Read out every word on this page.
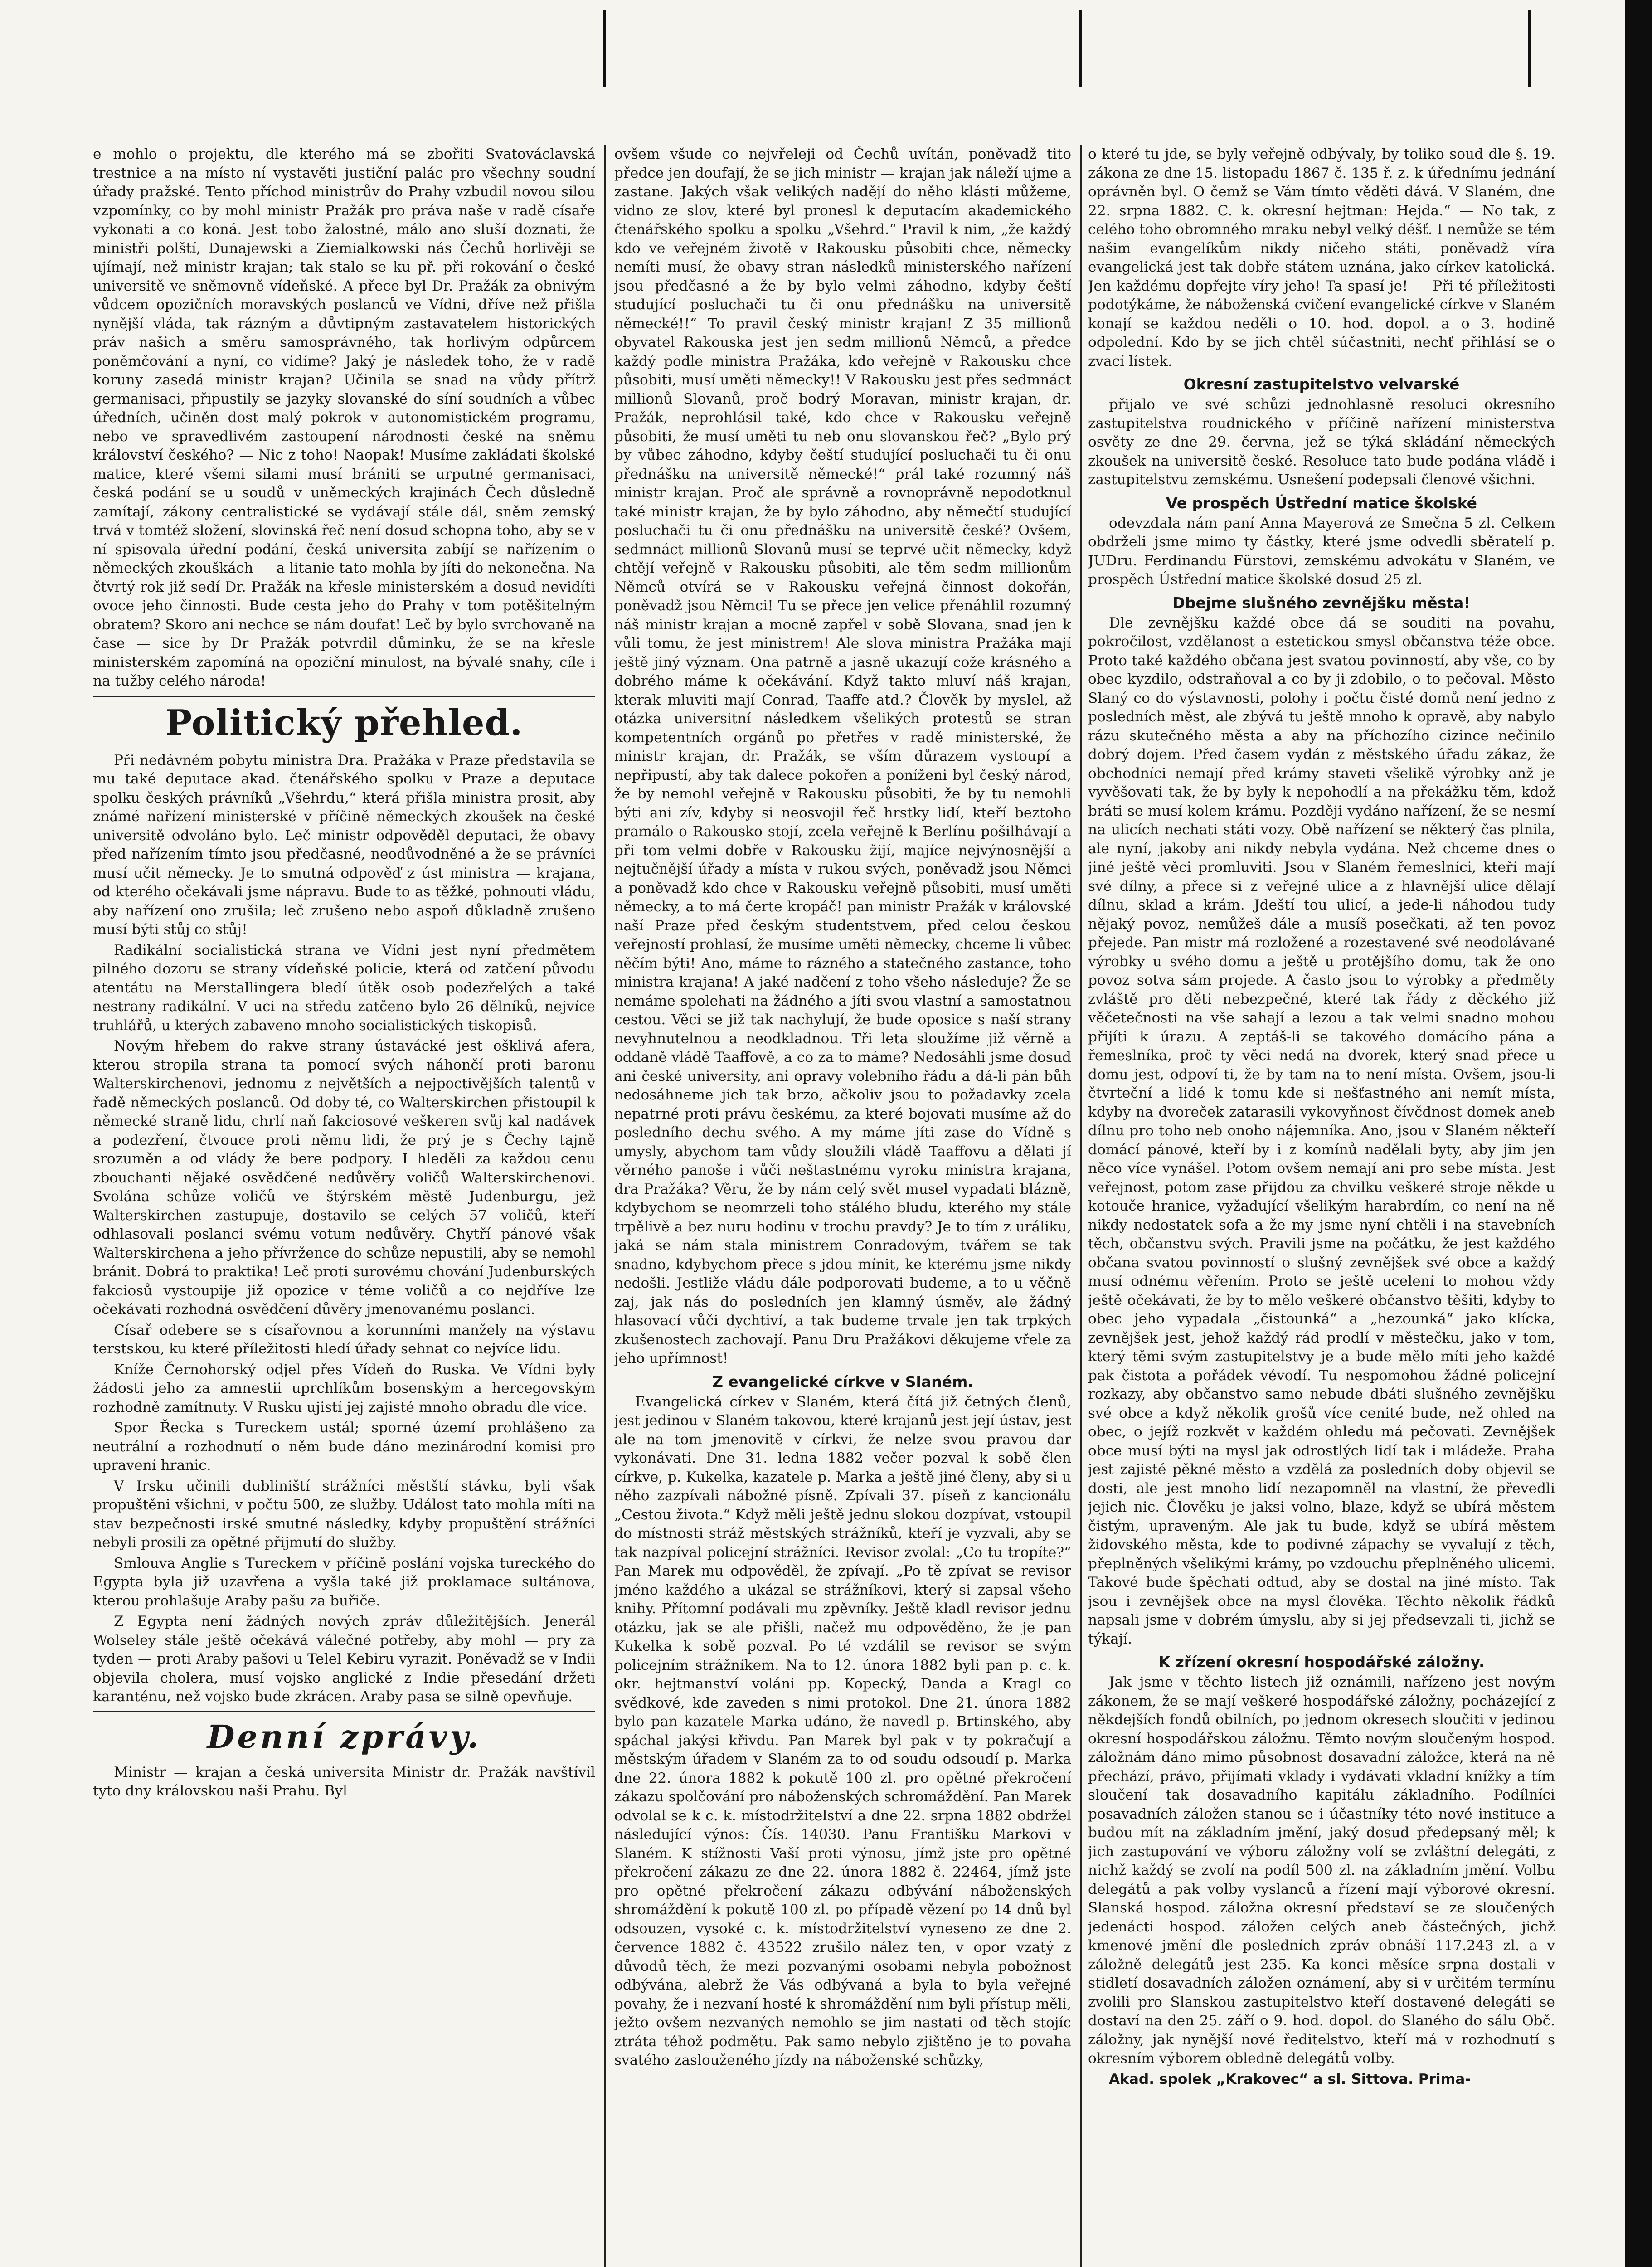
e mohlo o projektu, dle kterého má se zbořiti Svatováclavská trestnice a na místo ní vystavěti justiční palác pro všechny soudní úřady pražské. Tento příchod ministrův do Prahy vzbudil novou silou vzpomínky, co by mohl ministr Pražák pro práva naše v radě císaře vykonati a co koná. Jest tobo žalostné, málo ano sluší doznati, že ministři polští, Dunajewski a Ziemialkowski nás Čechů horlivěji se ujímají, než ministr krajan; tak stalo se ku př. při rokování o české universitě ve sněmovně vídeňské. A přece byl Dr. Pražák za obnivým vůdcem opozičních moravských poslanců ve Vídni, dříve než přišla nynější vláda, tak rázným a důvtipným zastavatelem historických práv našich a směru samosprávného, tak horlivým odpůrcem poněmčování a nyní, co vidíme? Jaký je následek toho, že v radě koruny zasedá ministr krajan? Učinila se snad na vůdy přítrž germanisaci, připustily se jazyky slovanské do síní soudních a vůbec úředních, učiněn dost malý pokrok v autonomistickém programu, nebo ve spravedlivém zastoupení národnosti české na sněmu království českého? — Nic z toho! Naopak! Musíme zakládati školské matice, které všemi silami musí brániti se urputné germanisaci, česká podání se u soudů v uněmeckých krajinách Čech důsledně zamítají, zákony centralistické se vydávají stále dál, sněm zemský trvá v tomtéž složení, slovinská řeč není dosud schopna toho, aby se v ní spisovala úřední podání, česká universita zabíjí se nařízením o německých zkouškách — a litanie tato mohla by jíti do nekonečna. Na čtvrtý rok již sedí Dr. Pražák na křesle ministerském a dosud nevidíti ovoce jeho činnosti. Bude cesta jeho do Prahy v tom potěšitelným obratem? Skoro ani nechce se nám doufat! Leč by bylo svrchovaně na čase — sice by Dr Pražák potvrdil důminku, že se na křesle ministerském zapomíná na opoziční minulost, na bývalé snahy, cíle i na tužby celého národa!

Politický přehled.

Při nedávném pobytu ministra Dra. Pražáka v Praze představila se mu také deputace akad. čtenářského spolku v Praze a deputace spolku českých právníků „Všehrdu,“ která přišla ministra prosit, aby známé nařízení ministerské v příčině německých zkoušek na české universitě odvoláno bylo. Leč ministr odpověděl deputaci, že obavy před nařízením tímto jsou předčasné, neodůvodněné a že se právníci musí učit německy. Je to smutná odpověď z úst ministra — krajana, od kterého očekávali jsme nápravu. Bude to as těžké, pohnouti vládu, aby nařízení ono zrušila; leč zrušeno nebo aspoň důkladně zrušeno musí býti stůj co stůj!

Radikální socialistická strana ve Vídni jest nyní předmětem pilného dozoru se strany vídeňské policie, která od zatčení původu atentátu na Merstallingera bledí útěk osob podezřelých a také nestrany radikální. V uci na středu zatčeno bylo 26 dělníků, nejvíce truhlářů, u kterých zabaveno mnoho socialistických tiskopisů.

Novým hřebem do rakve strany ústavácké jest ošklivá afera, kterou stropila strana ta pomocí svých náhončí proti baronu Walterskirchenovi, jednomu z největších a nejpoctivějších talentů v řadě německých poslanců. Od doby té, co Walterskirchen přistoupil k německé straně lidu, chrlí naň fakciosové veškeren svůj kal nadávek a podezření, čtvouce proti němu lidi, že prý je s Čechy tajně srozuměn a od vlády že bere podpory. I hleděli za každou cenu zbouchanti nějaké osvědčené nedůvěry voličů Walterskirchenovi. Svolána schůze voličů ve štýrském městě Judenburgu, jež Walterskirchen zastupuje, dostavilo se celých 57 voličů, kteří odhlasovali poslanci svému votum nedůvěry. Chytří pánové však Walterskirchena a jeho přívržence do schůze nepustili, aby se nemohl bránit. Dobrá to praktika! Leč proti surovému chování Judenburských fakciosů vystoupije již opozice v téme voličů a co nejdříve lze očekávati rozhodná osvědčení důvěry jmenovanému poslanci.

Císař odebere se s císařovnou a korunními manžely na výstavu terstskou, ku které příležitosti hledí úřady sehnat co nejvíce lidu.

Kníže Černohorský odjel přes Vídeň do Ruska. Ve Vídni byly žádosti jeho za amnestii uprchlíkům bosenským a hercegovským rozhodně zamítnuty. V Rusku ujistí jej zajisté mnoho obradu dle více.

Spor Řecka s Tureckem ustál; sporné území prohlášeno za neutrální a rozhodnutí o něm bude dáno mezinárodní komisi pro upravení hranic.

V Irsku učinili dubliniští strážníci městští stávku, byli však propuštěni všichni, v počtu 500, ze služby. Událost tato mohla míti na stav bezpečnosti irské smutné následky, kdyby propuštění strážníci nebyli prosili za opětné přijmutí do služby.

Smlouva Anglie s Tureckem v příčině poslání vojska tureckého do Egypta byla již uzavřena a vyšla také již proklamace sultánova, kterou prohlašuje Araby pašu za buřiče.

Z Egypta není žádných nových zpráv důležitějších. Jenerál Wolseley stále ještě očekává válečné potřeby, aby mohl — pry za tyden — proti Araby pašovi u Telel Kebiru vyrazit. Poněvadž se v Indii objevila cholera, musí vojsko anglické z Indie přesedání držeti karanténu, než vojsko bude zkrácen. Araby pasa se silně opevňuje.

Denní zprávy.

Ministr — krajan a česká universita Ministr dr. Pražák navštívil tyto dny královskou naši Prahu. Byl

ovšem všude co nejvřeleji od Čechů uvítán, poněvadž tito předce jen doufají, že se jich ministr — krajan jak náleží ujme a zastane. Jakých však velikých nadějí do něho klásti můžeme, vidno ze slov, které byl pronesl k deputacím akademického čtenářského spolku a spolku „Všehrd.“ Pravil k nim, „že každý kdo ve veřejném životě v Rakousku působiti chce, německy nemíti musí, že obavy stran následků ministerského nařízení jsou předčasné a že by bylo velmi záhodno, kdyby čeští studující posluchači tu či onu přednášku na universitě německé!!“ To pravil český ministr krajan! Z 35 millionů obyvatel Rakouska jest jen sedm millionů Němců, a předce každý podle ministra Pražáka, kdo veřejně v Rakousku chce působiti, musí uměti německy!! V Rakousku jest přes sedmnáct millionů Slovanů, proč bodrý Moravan, ministr krajan, dr. Pražák, neprohlásil také, kdo chce v Rakousku veřejně působiti, že musí uměti tu neb onu slovanskou řeč? „Bylo prý by vůbec záhodno, kdyby čeští studující posluchači tu či onu přednášku na universitě německé!“ prál také rozumný náš ministr krajan. Proč ale správně a rovnoprávně nepodotknul také ministr krajan, že by bylo záhodno, aby němečtí studující posluchači tu či onu přednášku na universitě české? Ovšem, sedmnáct millionů Slovanů musí se teprvé učit německy, když chtějí veřejně v Rakousku působiti, ale těm sedm millionům Němců otvírá se v Rakousku veřejná činnost dokořán, poněvadž jsou Němci! Tu se přece jen velice přenáhlil rozumný náš ministr krajan a mocně zapřel v sobě Slovana, snad jen k vůli tomu, že jest ministrem! Ale slova ministra Pražáka mají ještě jiný význam. Ona patrně a jasně ukazují cože krásného a dobrého máme k očekávání. Když takto mluví náš krajan, kterak mluviti mají Conrad, Taaffe atd.? Člověk by myslel, až otázka universitní následkem všelikých protestů se stran kompetentních orgánů po přetřes v radě ministerské, že ministr krajan, dr. Pražák, se vším důrazem vystoupí a nepřipustí, aby tak dalece pokořen a poníženi byl český národ, že by nemohl veřejně v Rakousku působiti, že by tu nemohli býti ani zív, kdyby si neosvojil řeč hrstky lidí, kteří beztoho pramálo o Rakousko stojí, zcela veřejně k Berlínu pošilhávají a při tom velmi dobře v Rakousku žijí, majíce nejvýnosnější a nejtučnější úřady a místa v rukou svých, poněvadž jsou Němci a poněvadž kdo chce v Rakousku veřejně působiti, musí uměti německy, a to má čerte kropáč! pan ministr Pražák v královské naší Praze před českým studentstvem, před celou českou veřejností prohlasí, že musíme uměti německy, chceme li vůbec něčím býti! Ano, máme to rázného a statečného zastance, toho ministra krajana! A jaké nadčení z toho všeho následuje? Že se nemáme spolehati na žádného a jíti svou vlastní a samostatnou cestou. Věci se již tak nachylují, že bude oposice s naší strany nevyhnutelnou a neodkladnou. Tři leta sloužíme již věrně a oddaně vládě Taaffově, a co za to máme? Nedosáhli jsme dosud ani české university, ani opravy volebního řádu a dá-li pán bůh nedosáhneme jich tak brzo, ačkoliv jsou to požadavky zcela nepatrné proti právu českému, za které bojovati musíme až do posledního dechu svého. A my máme jíti zase do Vídně s umysly, abychom tam vůdy sloužili vládě Taaffovu a dělati jí věrného panoše i vůči neštastnému vyroku ministra krajana, dra Pražáka? Věru, že by nám celý svět musel vypadati blázně, kdybychom se neomrzeli toho stálého bludu, kterého my stále trpělivě a bez nuru hodinu v trochu pravdy? Je to tím z uráliku, jaká se nám stala ministrem Conradovým, tvářem se tak snadno, kdybychom přece s jdou mínit, ke kterému jsme nikdy nedošli. Jestliže vládu dále podporovati budeme, a to u věčně zaj, jak nás do posledních jen klamný úsměv, ale žádný hlasovací vůči dychtiví, a tak budeme trvale jen tak trpkých zkušenostech zachovají. Panu Dru Pražákovi děkujeme vřele za jeho upřímnost!

Z evangelické církve v Slaném.

Evangelická církev v Slaném, která čítá již četných členů, jest jedinou v Slaném takovou, které krajanů jest její ústav, jest ale na tom jmenovitě v církvi, že nelze svou pravou dar vykonávati. Dne 31. ledna 1882 večer pozval k sobě člen církve, p. Kukelka, kazatele p. Marka a ještě jiné členy, aby si u něho zazpívali nábožné písně. Zpívali 37. píseň z kancionálu „Cestou života.“ Když měli ještě jednu slokou dozpívat, vstoupil do místnosti stráž městských strážníků, kteří je vyzvali, aby se tak nazpíval policejní strážníci. Revisor zvolal: „Co tu tropíte?“ Pan Marek mu odpověděl, že zpívají. „Po tě zpívat se revisor jméno každého a ukázal se strážníkovi, který si zapsal všeho knihy. Přítomní podávali mu zpěvníky. Ještě kladl revisor jednu otázku, jak se ale přišli, načež mu odpověděno, že je pan Kukelka k sobě pozval. Po té vzdálil se revisor se svým policejním strážníkem. Na to 12. února 1882 byli pan p. c. k. okr. hejtmanství voláni pp. Kopecký, Danda a Kragl co svědkové, kde zaveden s nimi protokol. Dne 21. února 1882 bylo pan kazatele Marka udáno, že navedl p. Brtinského, aby spáchal jakýsi křivdu. Pan Marek byl pak v ty pokračují a městským úřadem v Slaném za to od soudu odsoudí p. Marka dne 22. února 1882 k pokutě 100 zl. pro opětné překročení zákazu spolčování pro náboženských schromáždění. Pan Marek odvolal se k c. k. místodržitelství a dne 22. srpna 1882 obdržel následující výnos: Čís. 14030. Panu Františku Markovi v Slaném. K stížnosti Vaší proti výnosu, jímž jste pro opětné překročení zákazu ze dne 22. února 1882 č. 22464, jímž jste pro opětné překročení zákazu odbývání náboženských shromáždění k pokutě 100 zl. po případě vězení po 14 dnů byl odsouzen, vysoké c. k. místodržitelství vyneseno ze dne 2. července 1882 č. 43522 zrušilo nález ten, v opor vzatý z důvodů těch, že mezi pozvanými osobami nebyla pobožnost odbývána, alebrž že Vás odbývaná a byla to byla veřejné povahy, že i nezvaní hosté k shromáždění nim byli přístup měli, ježto ovšem nezvaných nemohlo se jim nastati od těch stojíc ztráta téhož podmětu. Pak samo nebylo zjištěno je to povaha svatého zaslouženého jízdy na náboženské schůzky,

o které tu jde, se byly veřejně odbývaly, by toliko soud dle §. 19. zákona ze dne 15. listopadu 1867 č. 135 ř. z. k úřednímu jednání oprávněn byl. O čemž se Vám tímto věděti dává. V Slaném, dne 22. srpna 1882. C. k. okresní hejtman: Hejda.“ — No tak, z celého toho obromného mraku nebyl velký déšť. I nemůže se tém našim evangelíkům nikdy ničeho státi, poněvadž víra evangelická jest tak dobře státem uznána, jako církev katolická. Jen každému dopřejte víry jeho! Ta spasí je! — Při té příležitosti podotýkáme, že náboženská cvičení evangelické církve v Slaném konají se každou neděli o 10. hod. dopol. a o 3. hodině odpolední. Kdo by se jich chtěl súčastniti, nechť přihlásí se o zvací lístek.

Okresní zastupitelstvo velvarské

přijalo ve své schůzi jednohlasně resoluci okresního zastupitelstva roudnického v příčině nařízení ministerstva osvěty ze dne 29. června, jež se týká skládání německých zkoušek na universitě české. Resoluce tato bude podána vládě i zastupitelstvu zemskému. Usnešení podepsali členové všichni.

Ve prospěch Ústřední matice školské

odevzdala nám paní Anna Mayerová ze Smečna 5 zl. Celkem obdrželi jsme mimo ty částky, které jsme odvedli sběratelí p. JUDru. Ferdinandu Fürstovi, zemskému advokátu v Slaném, ve prospěch Ústřední matice školské dosud 25 zl.

Dbejme slušného zevnějšku města!

Dle zevnějšku každé obce dá se souditi na povahu, pokročilost, vzdělanost a estetickou smysl občanstva téže obce. Proto také každého občana jest svatou povinností, aby vše, co by obec kyzdilo, odstraňoval a co by ji zdobilo, o to pečoval. Město Slaný co do výstavnosti, polohy i počtu čisté domů není jedno z posledních měst, ale zbývá tu ještě mnoho k opravě, aby nabylo rázu skutečného města a aby na příchozího cizince nečinilo dobrý dojem. Před časem vydán z městského úřadu zákaz, že obchodníci nemají před krámy staveti všelikě výrobky anž je vyvěšovati tak, že by byly k nepohodlí a na překážku těm, kdož bráti se musí kolem krámu. Později vydáno nařízení, že se nesmí na ulicích nechati státi vozy. Obě nařízení se některý čas plnila, ale nyní, jakoby ani nikdy nebyla vydána. Než chceme dnes o jiné ještě věci promluviti. Jsou v Slaném řemeslníci, kteří mají své dílny, a přece si z veřejné ulice a z hlavnější ulice dělají dílnu, sklad a krám. Jdeští tou ulicí, a jede-li náhodou tudy nějaký povoz, nemůžeš dále a musíš posečkati, až ten povoz přejede. Pan mistr má rozložené a rozestavené své neodolávané výrobky u svého domu a ještě u protějšího domu, tak že ono povoz sotva sám projede. A často jsou to výrobky a předměty zvláště pro děti nebezpečné, které tak řády z děckého již věčetečnosti na vše sahají a lezou a tak velmi snadno mohou přijíti k úrazu. A zeptáš-li se takového domácího pána a řemeslníka, proč ty věci nedá na dvorek, který snad přece u domu jest, odpoví ti, že by tam na to není místa. Ovšem, jsou-li čtvrteční a lidé k tomu kde si nešťastného ani nemít místa, kdyby na dvoreček zatarasili vykovyňnost čívčdnost domek aneb dílnu pro toho neb onoho nájemníka. Ano, jsou v Slaném někteří domácí pánové, kteří by i z komínů nadělali byty, aby jim jen něco více vynášel. Potom ovšem nemají ani pro sebe místa. Jest veřejnost, potom zase přijdou za chvilku veškeré stroje někde u kotouče hranice, vyžadující všelikým harabrdím, co není na ně nikdy nedostatek sofa a že my jsme nyní chtěli i na stavebních těch, občanstvu svých. Pravili jsme na počátku, že jest každého občana svatou povinností o slušný zevnějšek své obce a každý musí odnému věřením. Proto se ještě ucelení to mohou vždy ještě očekávati, že by to mělo veškeré občanstvo těšiti, kdyby to obec jeho vypadala „čistounká“ a „hezounká“ jako klícka, zevnějšek jest, jehož každý rád prodlí v městečku, jako v tom, který těmi svým zastupitelstvy je a bude mělo míti jeho každé pak čistota a pořádek vévodí. Tu nespomohou žádné policejní rozkazy, aby občanstvo samo nebude dbáti slušného zevnějšku své obce a když několik grošů více cenité bude, než ohled na obec, o jejíž rozkvět v každém ohledu má pečovati. Zevnějšek obce musí býti na mysl jak odrostlých lidí tak i mládeže. Praha jest zajisté pěkné město a vzdělá za posledních doby objevil se dosti, ale jest mnoho lidí nezapomněl na vlastní, že převedli jejich nic. Člověku je jaksi volno, blaze, když se ubírá městem čistým, upraveným. Ale jak tu bude, když se ubírá městem židovského města, kde to podivné zápachy se vyvalují z těch, přeplněných všelikými krámy, po vzdouchu přeplněného ulicemi. Takové bude špěchati odtud, aby se dostal na jiné místo. Tak jsou i zevnějšek obce na mysl člověka. Těchto několik řádků napsali jsme v dobrém úmyslu, aby si jej předsevzali ti, jichž se týkají.

K zřízení okresní hospodářské záložny.

Jak jsme v těchto listech již oznámili, nařízeno jest novým zákonem, že se mají veškeré hospodářské záložny, pocházející z někdejších fondů obilních, po jednom okresech sloučiti v jedinou okresní hospodářskou záložnu. Těmto novým sloučeným hospod. záložnám dáno mimo působnost dosavadní záložce, která na ně přechází, právo, přijímati vklady i vydávati vkladní knížky a tím sloučení tak dosavadního kapitálu základního. Podílníci posavadních záložen stanou se i účastníky této nové instituce a budou mít na základním jmění, jaký dosud předepsaný měl; k jich zastupování ve výboru záložny volí se zvláštní delegáti, z nichž každý se zvolí na podíl 500 zl. na základním jmění. Volbu delegátů a pak volby vyslanců a řízení mají výborové okresní. Slanská hospod. záložna okresní představí se ze sloučených jedenácti hospod. záložen celých aneb částečných, jichž kmenové jmění dle posledních zpráv obnáší 117.243 zl. a v záložně delegátů jest 235. Ka konci měsíce srpna dostali v stidletí dosavadních záložen oznámení, aby si v určitém termínu zvolili pro Slanskou zastupitelstvo kteří dostavené delegáti se dostaví na den 25. září o 9. hod. dopol. do Slaného do sálu Obč. záložny, jak nynější nové ředitelstvo, kteří má v rozhodnutí s okresním výborem obledně delegátů volby.

Akad. spolek „Krakovec“ a sl. Sittova. Prima-
